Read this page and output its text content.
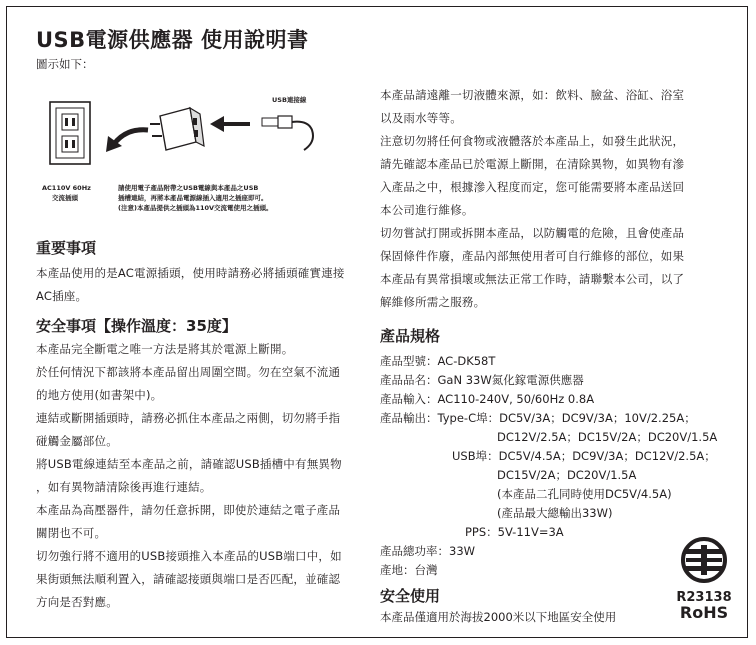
USB電源供應器 使用說明書
圖示如下：
USB連接線
AC110V 60Hz
交流插頭
請使用電子產品附帶之USB電線與本產品之USB
插槽連結，再將本產品電源線插入適用之插座即可。
(注意)本產品提供之插頭為110V交流電使用之插頭。
重要事項

本產品使用的是AC電源插頭，使用時請務必將插頭確實連接

AC插座。

安全事項【操作溫度：35度】

本產品完全斷電之唯一方法是將其於電源上斷開。

於任何情況下都該將本產品留出周圍空間。勿在空氣不流通

的地方使用(如書架中)。

連結或斷開插頭時，請務必抓住本產品之兩側，切勿將手指

碰觸金屬部位。

將USB電線連結至本產品之前，請確認USB插槽中有無異物

，如有異物請清除後再進行連結。

本產品為高壓器件，請勿任意拆開，即使於連結之電子產品

關閉也不可。

切勿強行將不適用的USB接頭推入本產品的USB端口中，如

果街頭無法順利置入，請確認接頭與端口是否匹配，並確認

方向是否對應。

本產品請遠離一切液體來源，如：飲料、臉盆、浴缸、浴室

以及雨水等等。

注意切勿將任何食物或液體落於本產品上，如發生此狀況，

請先確認本產品已於電源上斷開，在清除異物，如異物有滲

入產品之中，根據滲入程度而定，您可能需要將本產品送回

本公司進行維修。

切勿嘗試打開或拆開本產品，以防觸電的危險，且會使產品

保固條件作廢，產品內部無使用者可自行維修的部位，如果

本產品有異常損壞或無法正常工作時，請聯繫本公司，以了

解維修所需之服務。

產品規格

產品型號：AC-DK58T

產品品名：GaN 33W氮化鎵電源供應器

產品輸入：AC110-240V, 50/60Hz 0.8A

產品輸出：Type-C埠：DC5V/3A；DC9V/3A；10V/2.25A；

DC12V/2.5A；DC15V/2A；DC20V/1.5A

USB埠：DC5V/4.5A；DC9V/3A；DC12V/2.5A；

DC15V/2A；DC20V/1.5A

(本產品二孔同時使用DC5V/4.5A)

(產品最大總輸出33W)

PPS：5V-11V=3A

產品總功率：33W

產地：台灣

安全使用

本產品僅適用於海拔2000米以下地區安全使用

R23138
RoHS
